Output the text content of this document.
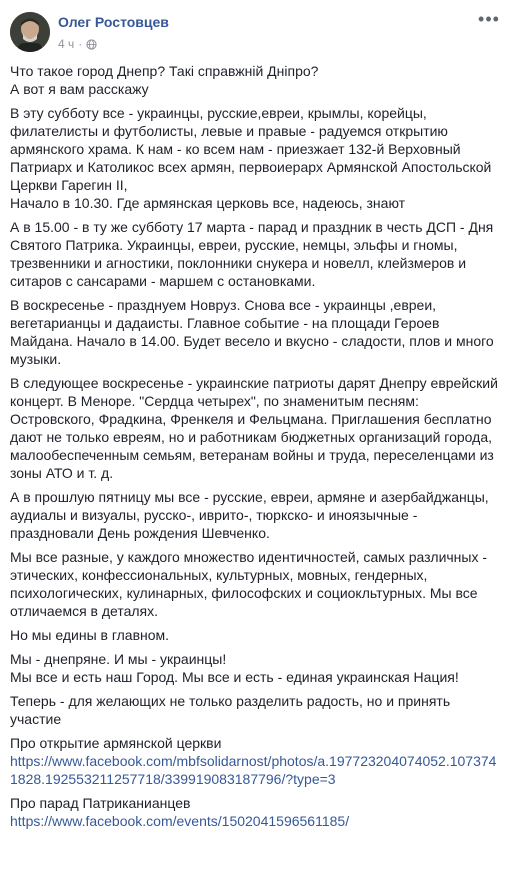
Олег Ростовцев
4 ч ·
•••

Что такое город Днепр? Такі справжній Дніпро?
А вот я вам расскажу

В эту субботу все - украинцы, русские,евреи, крымлы, корейцы, филателисты и футболисты, левые и правые - радуемся открытию армянского храма. К нам - ко всем нам - приезжает 132-й Верховный Патриарх и Католикос всех армян, первоиерарх Армянской Апостольской Церкви Гарегин II,
Начало в 10.30. Где армянская церковь все, надеюсь, знают

А в 15.00 - в ту же субботу 17 марта - парад и праздник в честь ДСП - Дня Святого Патрика. Украинцы, евреи, русские, немцы, эльфы и гномы, трезвенники и агностики, поклонники снукера и новелл, клейзмеров и ситаров с сансарами - маршем с остановками.

В воскресенье - празднуем Новруз. Снова все - украинцы ,евреи, вегетарианцы и дадаисты. Главное событие - на площади Героев Майдана. Начало в 14.00. Будет весело и вкусно - сладости, плов и много музыки.

В следующее воскресенье - украинские патриоты дарят Днепру еврейский концерт. В Меноре. "Сердца четырех", по знаменитым песням: Островского, Фрадкина, Френкеля и Фельцмана. Приглашения бесплатно дают не только евреям, но и работникам бюджетных организаций города, малообеспеченным семьям, ветеранам войны и труда, переселенцами из зоны АТО и т. д.

А в прошлую пятницу мы все - русские, евреи, армяне и азербайджанцы, аудиалы и визуалы, русско-, иврито-, тюркско- и иноязычные - праздновали День рождения Шевченко.

Мы все разные, у каждого множество идентичностей, самых различных - этических, конфессиональных, культурных, мовных, гендерных, психологических, кулинарных, философских и социокльтурных. Мы все отличаемся в деталях.

Но мы едины в главном.

Мы - днепряне. И мы - украинцы!
Мы все и есть наш Город. Мы все и есть - единая украинская Нация!

Теперь - для желающих не только разделить радость, но и принять участие

Про открытие армянской церкви
https://www.facebook.com/mbfsolidarnost/photos/a.197723204074052.1073741828.192553211257718/339919083187796/?type=3

Про парад Патриканианцев
https://www.facebook.com/events/1502041596561185/
